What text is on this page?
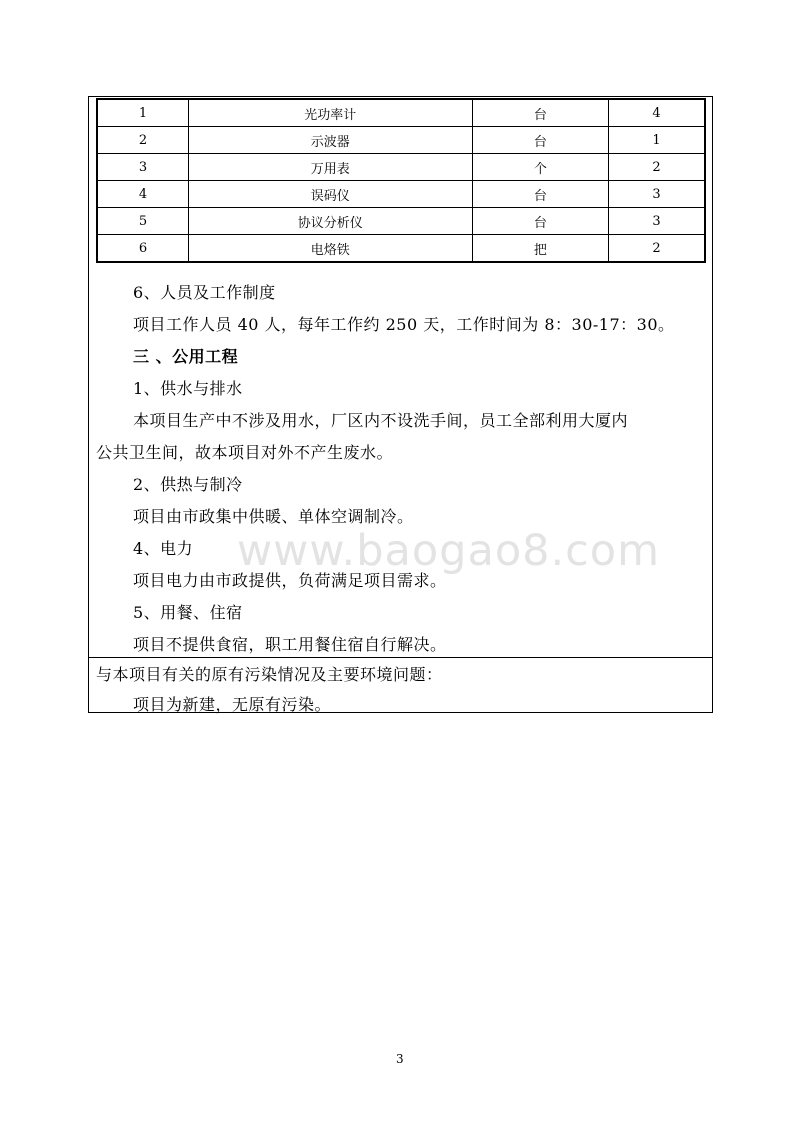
1	光功率计	台	4
2	示波器	台	1
3	万用表	个	2
4	误码仪	台	3
5	协议分析仪	台	3
6	电烙铁	把	2
6、人员及工作制度
项目工作人员 40 人，每年工作约 250 天，工作时间为 8：30-17：30。
三 、公用工程
1、供水与排水
本项目生产中不涉及用水，厂区内不设洗手间，员工全部利用大厦内
公共卫生间，故本项目对外不产生废水。
2、供热与制冷
项目由市政集中供暖、单体空调制冷。
4、电力
项目电力由市政提供，负荷满足项目需求。
5、用餐、住宿
项目不提供食宿，职工用餐住宿自行解决。
与本项目有关的原有污染情况及主要环境问题：
项目为新建，无原有污染。
www.baogao8.com
3
